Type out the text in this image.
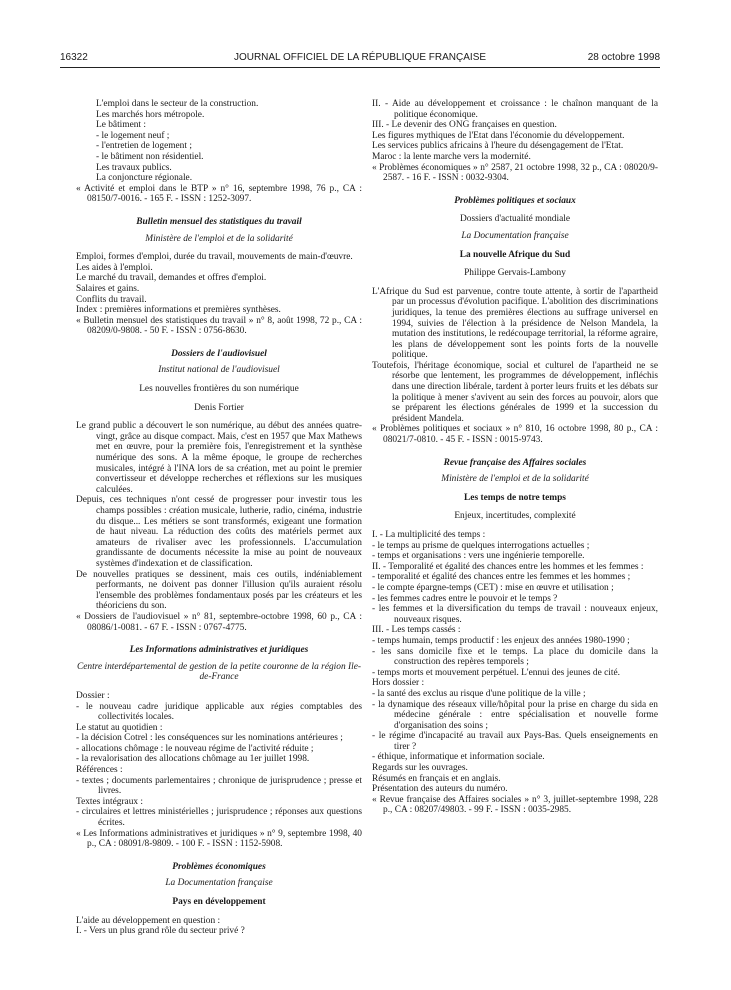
16322	JOURNAL OFFICIEL DE LA RÉPUBLIQUE FRANÇAISE	28 octobre 1998

L'emploi dans le secteur de la construction.

Les marchés hors métropole.

Le bâtiment :

- le logement neuf ;

- l'entretien de logement ;

- le bâtiment non résidentiel.

Les travaux publics.

La conjoncture régionale.

« Activité et emploi dans le BTP » n° 16, septembre 1998, 76 p., CA : 08150/7-0016. - 165 F. - ISSN : 1252-3097.

Bulletin mensuel des statistiques du travail

Ministère de l'emploi et de la solidarité

Emploi, formes d'emploi, durée du travail, mouvements de main-d'œuvre.

Les aides à l'emploi.

Le marché du travail, demandes et offres d'emploi.

Salaires et gains.

Conflits du travail.

Index : premières informations et premières synthèses.

« Bulletin mensuel des statistiques du travail » n° 8, août 1998, 72 p., CA : 08209/0-9808. - 50 F. - ISSN : 0756-8630.

Dossiers de l'audiovisuel

Institut national de l'audiovisuel

Les nouvelles frontières du son numérique

Denis Fortier

Le grand public a découvert le son numérique, au début des années quatre-vingt, grâce au disque compact. Mais, c'est en 1957 que Max Mathews met en œuvre, pour la première fois, l'enregistrement et la synthèse numérique des sons. A la même époque, le groupe de recherches musicales, intégré à l'INA lors de sa création, met au point le premier convertisseur et développe recherches et réflexions sur les musiques calculées.

Depuis, ces techniques n'ont cessé de progresser pour investir tous les champs possibles : création musicale, lutherie, radio, cinéma, industrie du disque... Les métiers se sont transformés, exigeant une formation de haut niveau. La réduction des coûts des matériels permet aux amateurs de rivaliser avec les professionnels. L'accumulation grandissante de documents nécessite la mise au point de nouveaux systèmes d'indexation et de classification.

De nouvelles pratiques se dessinent, mais ces outils, indéniablement performants, ne doivent pas donner l'illusion qu'ils auraient résolu l'ensemble des problèmes fondamentaux posés par les créateurs et les théoriciens du son.

« Dossiers de l'audiovisuel » n° 81, septembre-octobre 1998, 60 p., CA : 08086/1-0081. - 67 F. - ISSN : 0767-4775.

Les Informations administratives et juridiques

Centre interdépartemental de gestion de la petite couronne de la région Ile-de-France

Dossier :

- le nouveau cadre juridique applicable aux régies comptables des collectivités locales.

Le statut au quotidien :

- la décision Cotrel : les conséquences sur les nominations antérieures ;

- allocations chômage : le nouveau régime de l'activité réduite ;

- la revalorisation des allocations chômage au 1er juillet 1998.

Références :

- textes ; documents parlementaires ; chronique de jurisprudence ; presse et livres.

Textes intégraux :

- circulaires et lettres ministérielles ; jurisprudence ; réponses aux questions écrites.

« Les Informations administratives et juridiques » n° 9, septembre 1998, 40 p., CA : 08091/8-9809. - 100 F. - ISSN : 1152-5908.

Problèmes économiques

La Documentation française

Pays en développement

L'aide au développement en question :

I. - Vers un plus grand rôle du secteur privé ?

II. - Aide au développement et croissance : le chaînon manquant de la politique économique.

III. - Le devenir des ONG françaises en question.

Les figures mythiques de l'Etat dans l'économie du développement.

Les services publics africains à l'heure du désengagement de l'Etat.

Maroc : la lente marche vers la modernité.

« Problèmes économiques » n° 2587, 21 octobre 1998, 32 p., CA : 08020/9-2587. - 16 F. - ISSN : 0032-9304.

Problèmes politiques et sociaux

Dossiers d'actualité mondiale

La Documentation française

La nouvelle Afrique du Sud

Philippe Gervais-Lambony

L'Afrique du Sud est parvenue, contre toute attente, à sortir de l'apartheid par un processus d'évolution pacifique. L'abolition des discriminations juridiques, la tenue des premières élections au suffrage universel en 1994, suivies de l'élection à la présidence de Nelson Mandela, la mutation des institutions, le redécoupage territorial, la réforme agraire, les plans de développement sont les points forts de la nouvelle politique.

Toutefois, l'héritage économique, social et culturel de l'apartheid ne se résorbe que lentement, les programmes de développement, infléchis dans une direction libérale, tardent à porter leurs fruits et les débats sur la politique à mener s'avivent au sein des forces au pouvoir, alors que se préparent les élections générales de 1999 et la succession du président Mandela.

« Problèmes politiques et sociaux » n° 810, 16 octobre 1998, 80 p., CA : 08021/7-0810. - 45 F. - ISSN : 0015-9743.

Revue française des Affaires sociales

Ministère de l'emploi et de la solidarité

Les temps de notre temps

Enjeux, incertitudes, complexité

I. - La multiplicité des temps :

- le temps au prisme de quelques interrogations actuelles ;

- temps et organisations : vers une ingénierie temporelle.

II. - Temporalité et égalité des chances entre les hommes et les femmes :

- temporalité et égalité des chances entre les femmes et les hommes ;

- le compte épargne-temps (CET) : mise en œuvre et utilisation ;

- les femmes cadres entre le pouvoir et le temps ?

- les femmes et la diversification du temps de travail : nouveaux enjeux, nouveaux risques.

III. - Les temps cassés :

- temps humain, temps productif : les enjeux des années 1980-1990 ;

- les sans domicile fixe et le temps. La place du domicile dans la construction des repères temporels ;

- temps morts et mouvement perpétuel. L'ennui des jeunes de cité.

Hors dossier :

- la santé des exclus au risque d'une politique de la ville ;

- la dynamique des réseaux ville/hôpital pour la prise en charge du sida en médecine générale : entre spécialisation et nouvelle forme d'organisation des soins ;

- le régime d'incapacité au travail aux Pays-Bas. Quels enseignements en tirer ?

- éthique, informatique et information sociale.

Regards sur les ouvrages.

Résumés en français et en anglais.

Présentation des auteurs du numéro.

« Revue française des Affaires sociales » n° 3, juillet-septembre 1998, 228 p., CA : 08207/49803. - 99 F. - ISSN : 0035-2985.
